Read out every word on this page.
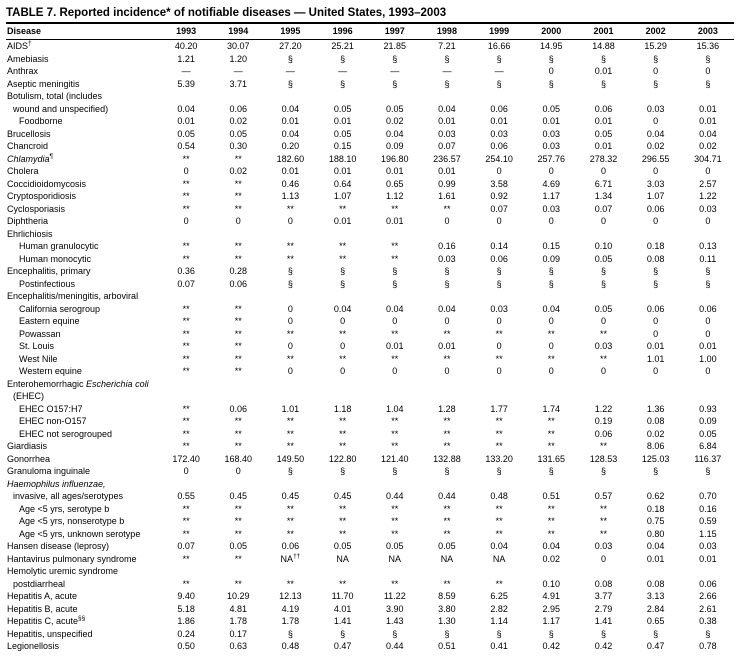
TABLE 7. Reported incidence* of notifiable diseases — United States, 1993–2003
Disease	1993	1994	1995	1996	1997	1998	1999	2000	2001	2002	2003
AIDS†	40.20	30.07	27.20	25.21	21.85	7.21	16.66	14.95	14.88	15.29	15.36
Amebiasis	1.21	1.20	§	§	§	§	§	§	§	§	§
Anthrax	—	—	—	—	—	—	—	0	0.01	0	0
Aseptic meningitis	5.39	3.71	§	§	§	§	§	§	§	§	§
Botulism, total (includes											
wound and unspecified)	0.04	0.06	0.04	0.05	0.05	0.04	0.06	0.05	0.06	0.03	0.01
Foodborne	0.01	0.02	0.01	0.01	0.02	0.01	0.01	0.01	0.01	0	0.01
Brucellosis	0.05	0.05	0.04	0.05	0.04	0.03	0.03	0.03	0.05	0.04	0.04
Chancroid	0.54	0.30	0.20	0.15	0.09	0.07	0.06	0.03	0.01	0.02	0.02
Chlamydia¶	**	**	182.60	188.10	196.80	236.57	254.10	257.76	278.32	296.55	304.71
Cholera	0	0.02	0.01	0.01	0.01	0.01	0	0	0	0	0
Coccidioidomycosis	**	**	0.46	0.64	0.65	0.99	3.58	4.69	6.71	3.03	2.57
Cryptosporidiosis	**	**	1.13	1.07	1.12	1.61	0.92	1.17	1.34	1.07	1.22
Cyclosporiasis	**	**	**	**	**	**	0.07	0.03	0.07	0.06	0.03
Diphtheria	0	0	0	0.01	0.01	0	0	0	0	0	0
Ehrlichiosis											
Human granulocytic	**	**	**	**	**	0.16	0.14	0.15	0.10	0.18	0.13
Human monocytic	**	**	**	**	**	0.03	0.06	0.09	0.05	0.08	0.11
Encephalitis, primary	0.36	0.28	§	§	§	§	§	§	§	§	§
Postinfectious	0.07	0.06	§	§	§	§	§	§	§	§	§
Encephalitis/meningitis, arboviral											
California serogroup	**	**	0	0.04	0.04	0.04	0.03	0.04	0.05	0.06	0.06
Eastern equine	**	**	0	0	0	0	0	0	0	0	0
Powassan	**	**	**	**	**	**	**	**	**	0	0
St. Louis	**	**	0	0	0.01	0.01	0	0	0.03	0.01	0.01
West Nile	**	**	**	**	**	**	**	**	**	1.01	1.00
Western equine	**	**	0	0	0	0	0	0	0	0	0
Enterohemorrhagic Escherichia coli											
(EHEC)											
EHEC O157:H7	**	0.06	1.01	1.18	1.04	1.28	1.77	1.74	1.22	1.36	0.93
EHEC non-O157	**	**	**	**	**	**	**	**	0.19	0.08	0.09
EHEC not serogrouped	**	**	**	**	**	**	**	**	0.06	0.02	0.05
Giardiasis	**	**	**	**	**	**	**	**	**	8.06	6.84
Gonorrhea	172.40	168.40	149.50	122.80	121.40	132.88	133.20	131.65	128.53	125.03	116.37
Granuloma inguinale	0	0	§	§	§	§	§	§	§	§	§
Haemophilus influenzae,											
invasive, all ages/serotypes	0.55	0.45	0.45	0.45	0.44	0.44	0.48	0.51	0.57	0.62	0.70
Age <5 yrs, serotype b	**	**	**	**	**	**	**	**	**	0.18	0.16
Age <5 yrs, nonserotype b	**	**	**	**	**	**	**	**	**	0.75	0.59
Age <5 yrs, unknown serotype	**	**	**	**	**	**	**	**	**	0.80	1.15
Hansen disease (leprosy)	0.07	0.05	0.06	0.05	0.05	0.05	0.04	0.04	0.03	0.04	0.03
Hantavirus pulmonary syndrome	**	**	NA††	NA	NA	NA	NA	0.02	0	0.01	0.01
Hemolytic uremic syndrome											
postdiarrheal	**	**	**	**	**	**	**	0.10	0.08	0.08	0.06
Hepatitis A, acute	9.40	10.29	12.13	11.70	11.22	8.59	6.25	4.91	3.77	3.13	2.66
Hepatitis B, acute	5.18	4.81	4.19	4.01	3.90	3.80	2.82	2.95	2.79	2.84	2.61
Hepatitis C, acute§§	1.86	1.78	1.78	1.41	1.43	1.30	1.14	1.17	1.41	0.65	0.38
Hepatitis, unspecified	0.24	0.17	§	§	§	§	§	§	§	§	§
Legionellosis	0.50	0.63	0.48	0.47	0.44	0.51	0.41	0.42	0.42	0.47	0.78
